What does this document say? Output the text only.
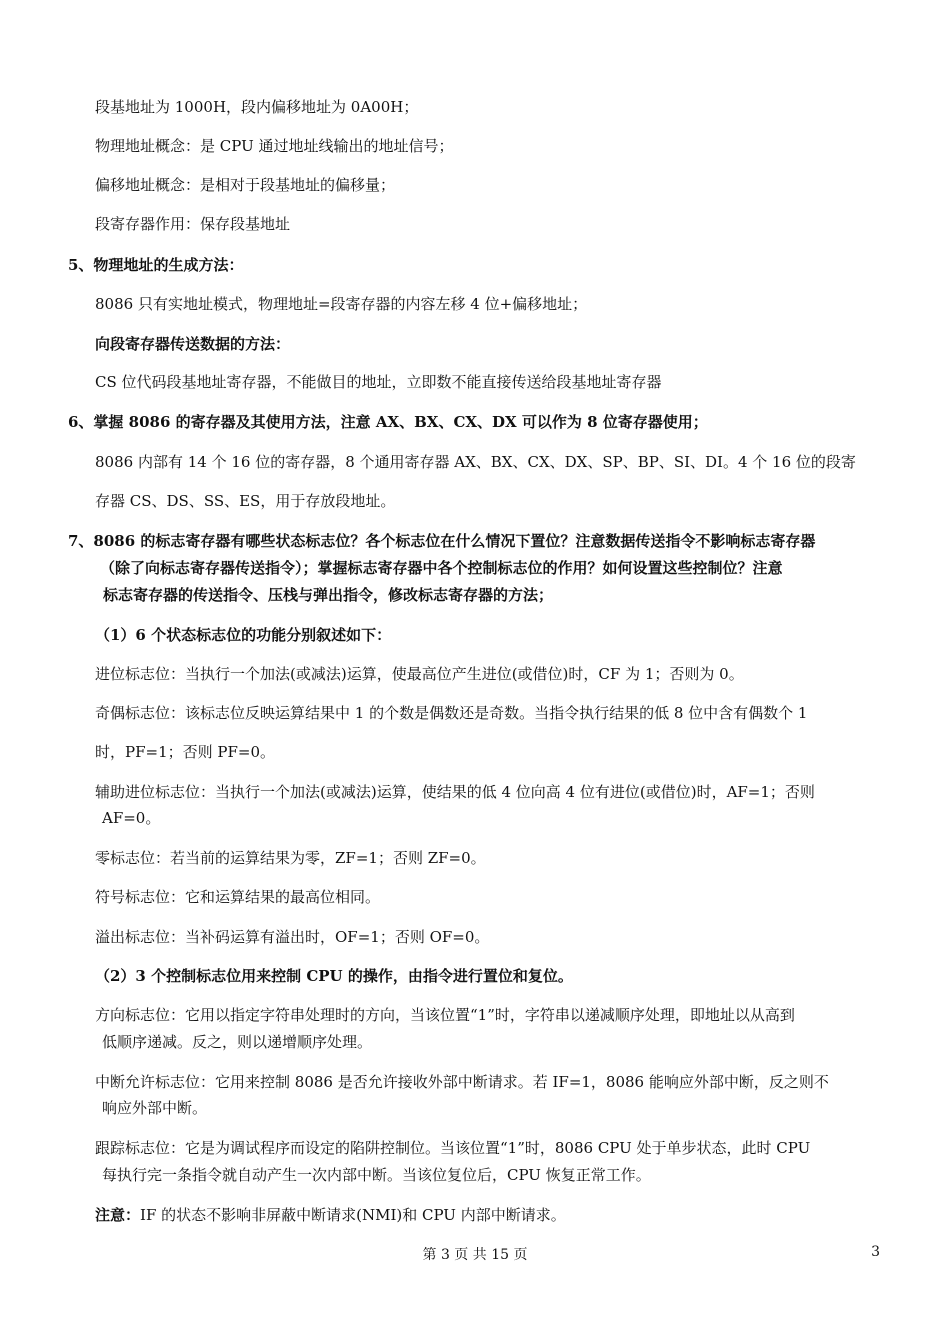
段基地址为 1000H，段内偏移地址为 0A00H；
物理地址概念：是 CPU 通过地址线输出的地址信号；
偏移地址概念：是相对于段基地址的偏移量；
段寄存器作用：保存段基地址
5、物理地址的生成方法：
8086 只有实地址模式，物理地址=段寄存器的内容左移 4 位+偏移地址；
向段寄存器传送数据的方法：
CS 位代码段基地址寄存器，不能做目的地址，立即数不能直接传送给段基地址寄存器
6、掌握 8086 的寄存器及其使用方法，注意 AX、BX、CX、DX 可以作为 8 位寄存器使用；
8086 内部有 14 个 16 位的寄存器，8 个通用寄存器 AX、BX、CX、DX、SP、BP、SI、DI。4 个 16 位的段寄
存器 CS、DS、SS、ES，用于存放段地址。
7、8086 的标志寄存器有哪些状态标志位？各个标志位在什么情况下置位？注意数据传送指令不影响标志寄存器
（除了向标志寄存器传送指令）；掌握标志寄存器中各个控制标志位的作用？如何设置这些控制位？注意
标志寄存器的传送指令、压栈与弹出指令，修改标志寄存器的方法；
（1）6 个状态标志位的功能分别叙述如下：
进位标志位：当执行一个加法(或减法)运算，使最高位产生进位(或借位)时，CF 为 1；否则为 0。
奇偶标志位：该标志位反映运算结果中 1 的个数是偶数还是奇数。当指令执行结果的低 8 位中含有偶数个 1
时，PF=1；否则 PF=0。
辅助进位标志位：当执行一个加法(或减法)运算，使结果的低 4 位向高 4 位有进位(或借位)时，AF=1；否则
AF=0。
零标志位：若当前的运算结果为零，ZF=1；否则 ZF=0。
符号标志位：它和运算结果的最高位相同。
溢出标志位：当补码运算有溢出时，OF=1；否则 OF=0。
（2）3 个控制标志位用来控制 CPU 的操作，由指令进行置位和复位。
方向标志位：它用以指定字符串处理时的方向，当该位置“1”时，字符串以递减顺序处理，即地址以从高到
低顺序递减。反之，则以递增顺序处理。
中断允许标志位：它用来控制 8086 是否允许接收外部中断请求。若 IF=1，8086 能响应外部中断，反之则不
响应外部中断。
跟踪标志位：它是为调试程序而设定的陷阱控制位。当该位置“1”时，8086 CPU 处于单步状态，此时 CPU
每执行完一条指令就自动产生一次内部中断。当该位复位后，CPU 恢复正常工作。
注意：IF 的状态不影响非屏蔽中断请求(NMI)和 CPU 内部中断请求。
第 3 页 共 15 页	3
